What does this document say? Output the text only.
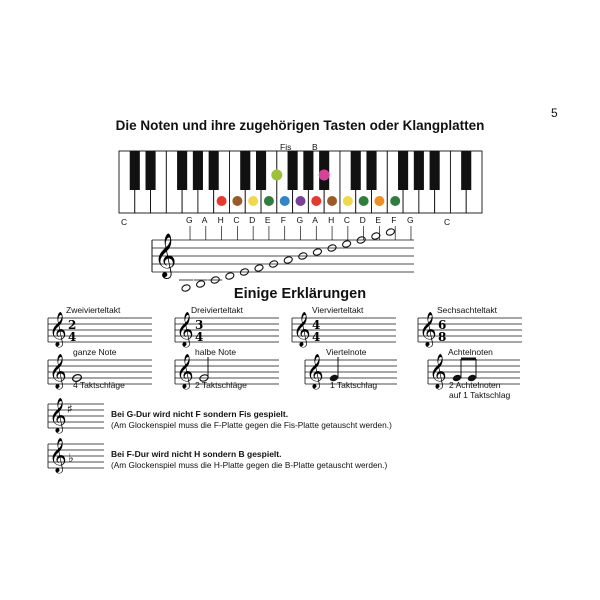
5
Die Noten und ihre zugehörigen Tasten oder Klangplatten
𝄞
Fis B
C	C
G A H C D E F G A H C D E F G
Einige Erklärungen
𝄞 2
4	𝄞 3
4	𝄞 4
4	𝄞 6
8
𝄞	𝄞	𝄞	𝄞
𝄞 ♯
𝄞 ♭
Zweivierteltakt	Dreivierteltakt	Viervierteltakt	Sechsachteltakt
ganze Note
4 Taktschläge
halbe Note
2 Taktschläge
Viertelnote
1 Taktschlag
Achtelnoten
2 Achtelnoten
auf 1 Taktschlag
Bei G-Dur wird nicht F sondern Fis gespielt.
(Am Glockenspiel muss die F-Platte gegen die Fis-Platte getauscht werden.)
Bei F-Dur wird nicht H sondern B gespielt.
(Am Glockenspiel muss die H-Platte gegen die B-Platte getauscht werden.)
